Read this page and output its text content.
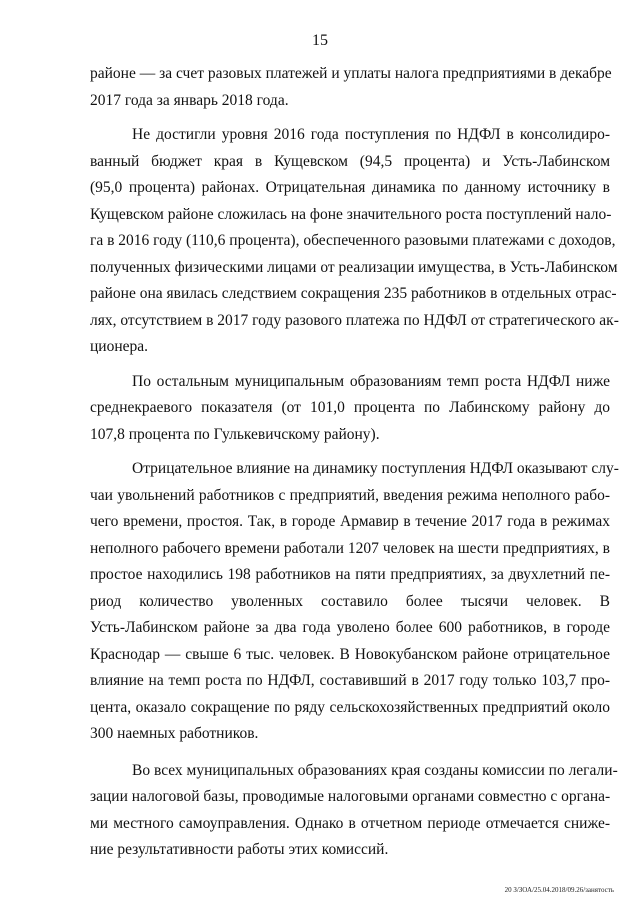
15
районе — за счет разовых платежей и уплаты налога предприятиями в декабре
2017 года за январь 2018 года.
Не достигли уровня 2016 года поступления по НДФЛ в консолидиро-
ванный бюджет края в Кущевском (94,5 процента) и Усть-Лабинском
(95,0 процента) районах. Отрицательная динамика по данному источнику в
Кущевском районе сложилась на фоне значительного роста поступлений нало-
га в 2016 году (110,6 процента), обеспеченного разовыми платежами с доходов,
полученных физическими лицами от реализации имущества, в Усть-Лабинском
районе она явилась следствием сокращения 235 работников в отдельных отрас-
лях, отсутствием в 2017 году разового платежа по НДФЛ от стратегического ак-
ционера.
По остальным муниципальным образованиям темп роста НДФЛ ниже
среднекраевого показателя (от 101,0 процента по Лабинскому району до
107,8 процента по Гулькевичскому району).
Отрицательное влияние на динамику поступления НДФЛ оказывают слу-
чаи увольнений работников с предприятий, введения режима неполного рабо-
чего времени, простоя. Так, в городе Армавир в течение 2017 года в режимах
неполного рабочего времени работали 1207 человек на шести предприятиях, в
простое находились 198 работников на пяти предприятиях, за двухлетний пе-
риод количество уволенных составило более тысячи человек. В
Усть-Лабинском районе за два года уволено более 600 работников, в городе
Краснодар — свыше 6 тыс. человек. В Новокубанском районе отрицательное
влияние на темп роста по НДФЛ, составивший в 2017 году только 103,7 про-
цента, оказало сокращение по ряду сельскохозяйственных предприятий около
300 наемных работников.
Во всех муниципальных образованиях края созданы комиссии по легали-
зации налоговой базы, проводимые налоговыми органами совместно с органа-
ми местного самоуправления. Однако в отчетном периоде отмечается сниже-
ние результативности работы этих комиссий.
20 З/ЗОА/25.04.2018/09.26/занятость
